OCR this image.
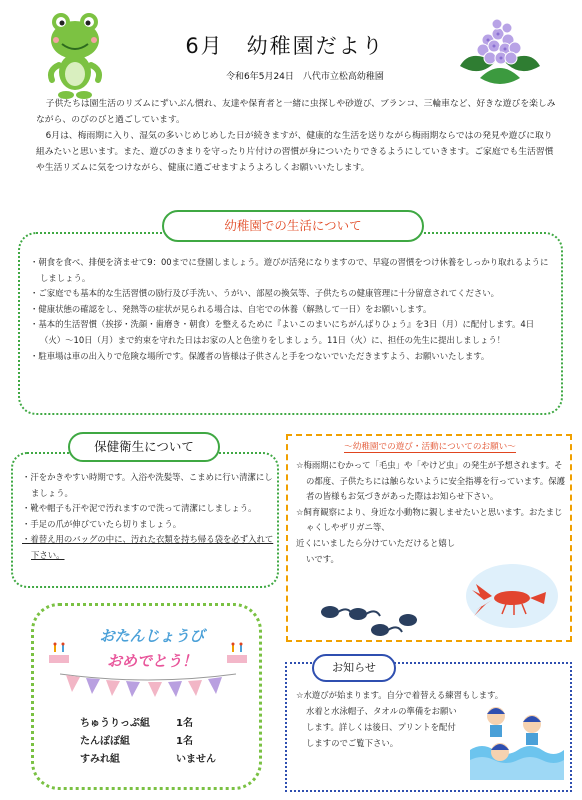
6月　幼稚園だより
令和6年5月24日　八代市立松高幼稚園

子供たちは園生活のリズムにずいぶん慣れ、友達や保育者と一緒に虫探しや砂遊び、ブランコ、三輪車など、好きな遊びを楽しみながら、のびのびと過ごしています。

6月は、梅雨期に入り、湿気の多いじめじめした日が続きますが、健康的な生活を送りながら梅雨期ならではの発見や遊びに取り組みたいと思います。また、遊びのきまりを守ったり片付けの習慣が身についたりできるようにしていきます。ご家庭でも生活習慣や生活リズムに気をつけながら、健康に過ごせますようよろしくお願いいたします。

幼稚園での生活について
・朝食を食べ、排便を済ませて9：00までに登園しましょう。遊びが活発になりますので、早寝の習慣をつけ休養をしっかり取れるようにしましょう。
・ご家庭でも基本的な生活習慣の励行及び手洗い、うがい、部屋の換気等、子供たちの健康管理に十分留意されてください。
・健康状態の確認をし、発熱等の症状が見られる場合は、自宅での休養（解熱して一日）をお願いします。
・基本的生活習慣（挨拶・洗顔・歯磨き・朝食）を整えるために『よいこのまいにちがんばりひょう』を3日（月）に配付します。4日（火）～10日（月）まで約束を守れた日はお家の人と色塗りをしましょう。11日（火）に、担任の先生に提出しましょう！
・駐車場は車の出入りで危険な場所です。保護者の皆様は子供さんと手をつないでいただきますよう、お願いいたします。
保健衛生について
・汗をかきやすい時期です。入浴や洗髪等、こまめに行い清潔にしましょう。
・靴や帽子も汗や泥で汚れますので洗って清潔にしましょう。
・手足の爪が伸びていたら切りましょう。
・着替え用のバッグの中に、汚れた衣類を持ち帰る袋を必ず入れて下さい。
～幼稚園での遊び・活動についてのお願い～

☆梅雨期にむかって「毛虫」や「やけど虫」の発生が予想されます。その都度、子供たちには触らないように安全指導を行っています。保護者の皆様もお気づきがあった際はお知らせ下さい。

☆飼育観察により、身近な小動物に親しませたいと思います。おたまじゃくしやザリガニ等、

近くにいましたら分けていただけると嬉しいです。

おたんじょうび
おめでとう！
ちゅうりっぷ組	1名
たんぽぽ組	1名
すみれ組	いません
お知らせ

☆水遊びが始まります。自分で着替える練習もします。

水着と水泳帽子、タオルの準備をお願いします。詳しくは後日、プリントを配付しますのでご覧下さい。
